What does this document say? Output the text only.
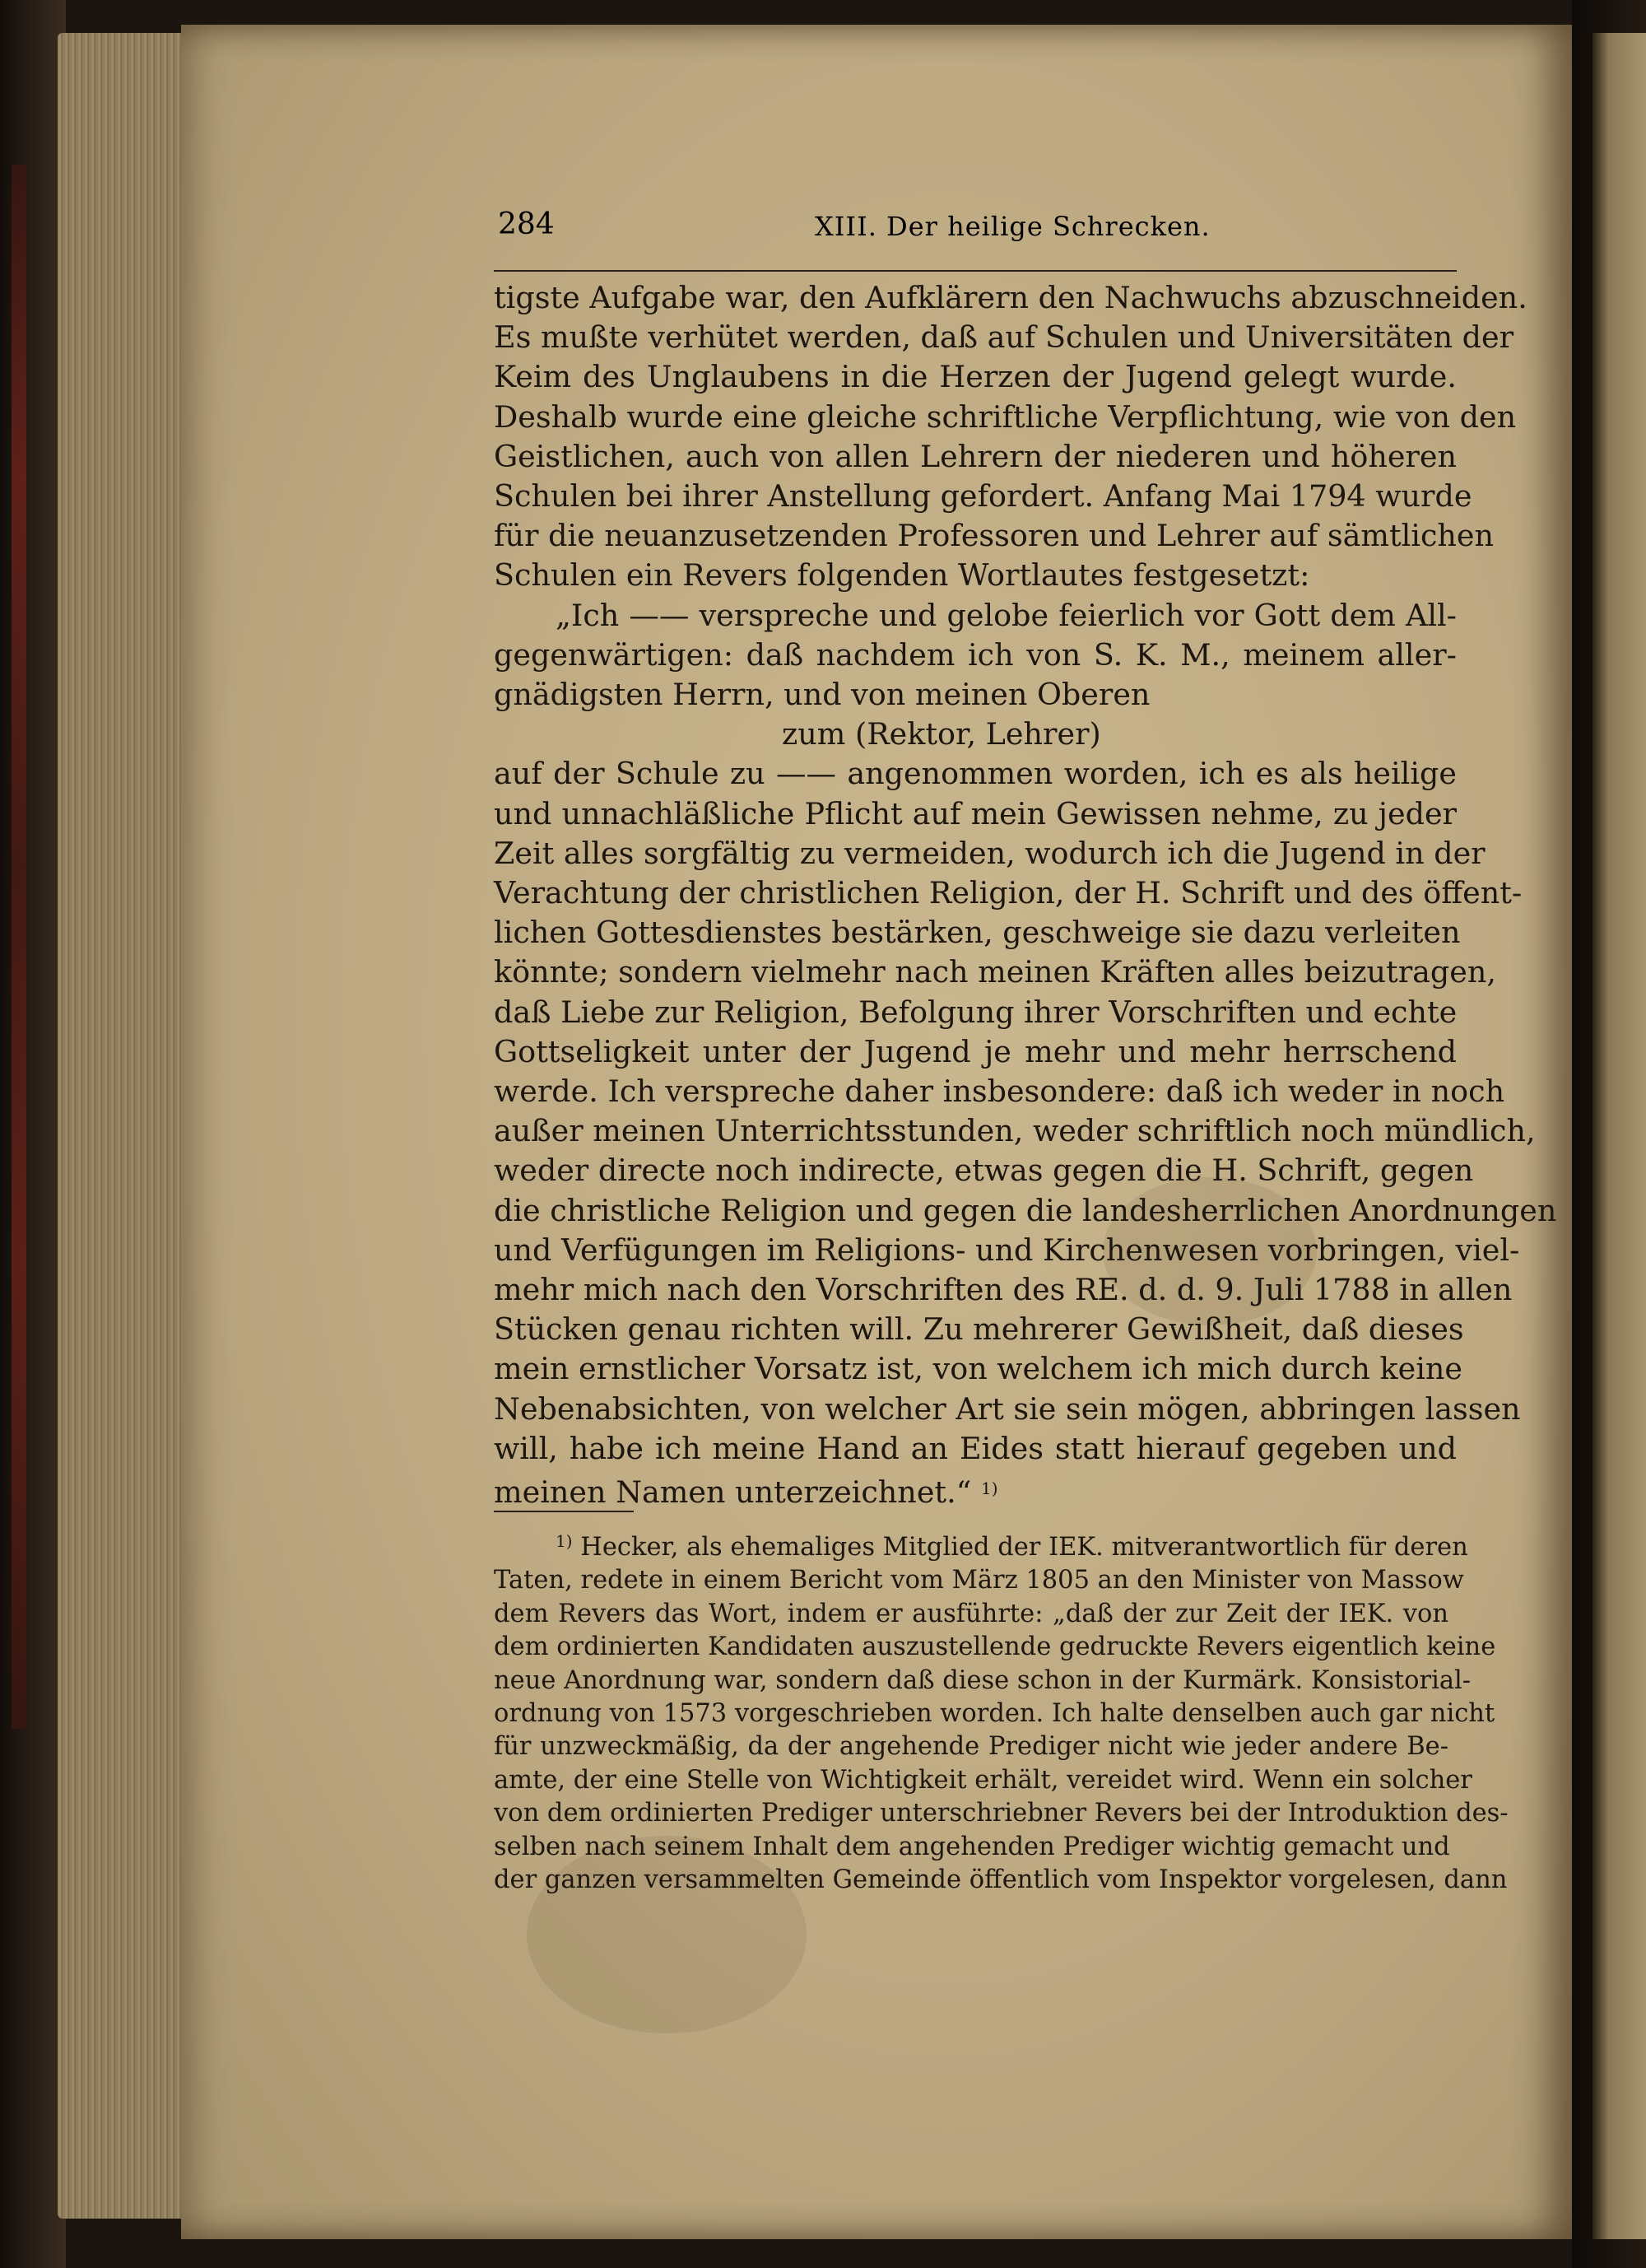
284	XIII. Der heilige Schrecken.
tigste Aufgabe war, den Aufklärern den Nachwuchs abzuschneiden.
Es mußte verhütet werden, daß auf Schulen und Universitäten der
Keim des Unglaubens in die Herzen der Jugend gelegt wurde.
Deshalb wurde eine gleiche schriftliche Verpflichtung, wie von den
Geistlichen, auch von allen Lehrern der niederen und höheren
Schulen bei ihrer Anstellung gefordert. Anfang Mai 1794 wurde
für die neuanzusetzenden Professoren und Lehrer auf sämtlichen
Schulen ein Revers folgenden Wortlautes festgesetzt:
„Ich —— verspreche und gelobe feierlich vor Gott dem All-
gegenwärtigen: daß nachdem ich von S. K. M., meinem aller-
gnädigsten Herrn, und von meinen Oberen
zum (Rektor, Lehrer)
auf der Schule zu —— angenommen worden, ich es als heilige
und unnachläßliche Pflicht auf mein Gewissen nehme, zu jeder
Zeit alles sorgfältig zu vermeiden, wodurch ich die Jugend in der
Verachtung der christlichen Religion, der H. Schrift und des öffent-
lichen Gottesdienstes bestärken, geschweige sie dazu verleiten
könnte; sondern vielmehr nach meinen Kräften alles beizutragen,
daß Liebe zur Religion, Befolgung ihrer Vorschriften und echte
Gottseligkeit unter der Jugend je mehr und mehr herrschend
werde. Ich verspreche daher insbesondere: daß ich weder in noch
außer meinen Unterrichtsstunden, weder schriftlich noch mündlich,
weder directe noch indirecte, etwas gegen die H. Schrift, gegen
die christliche Religion und gegen die landesherrlichen Anordnungen
und Verfügungen im Religions- und Kirchenwesen vorbringen, viel-
mehr mich nach den Vorschriften des RE. d. d. 9. Juli 1788 in allen
Stücken genau richten will. Zu mehrerer Gewißheit, daß dieses
mein ernstlicher Vorsatz ist, von welchem ich mich durch keine
Nebenabsichten, von welcher Art sie sein mögen, abbringen lassen
will, habe ich meine Hand an Eides statt hierauf gegeben und
meinen Namen unterzeichnet.“ $^{1)}$
$^{1)}$ Hecker, als ehemaliges Mitglied der IEK. mitverantwortlich für deren
Taten, redete in einem Bericht vom März 1805 an den Minister von Massow
dem Revers das Wort, indem er ausführte: „daß der zur Zeit der IEK. von
dem ordinierten Kandidaten auszustellende gedruckte Revers eigentlich keine
neue Anordnung war, sondern daß diese schon in der Kurmärk. Konsistorial-
ordnung von 1573 vorgeschrieben worden. Ich halte denselben auch gar nicht
für unzweckmäßig, da der angehende Prediger nicht wie jeder andere Be-
amte, der eine Stelle von Wichtigkeit erhält, vereidet wird. Wenn ein solcher
von dem ordinierten Prediger unterschriebner Revers bei der Introduktion des-
selben nach seinem Inhalt dem angehenden Prediger wichtig gemacht und
der ganzen versammelten Gemeinde öffentlich vom Inspektor vorgelesen, dann
